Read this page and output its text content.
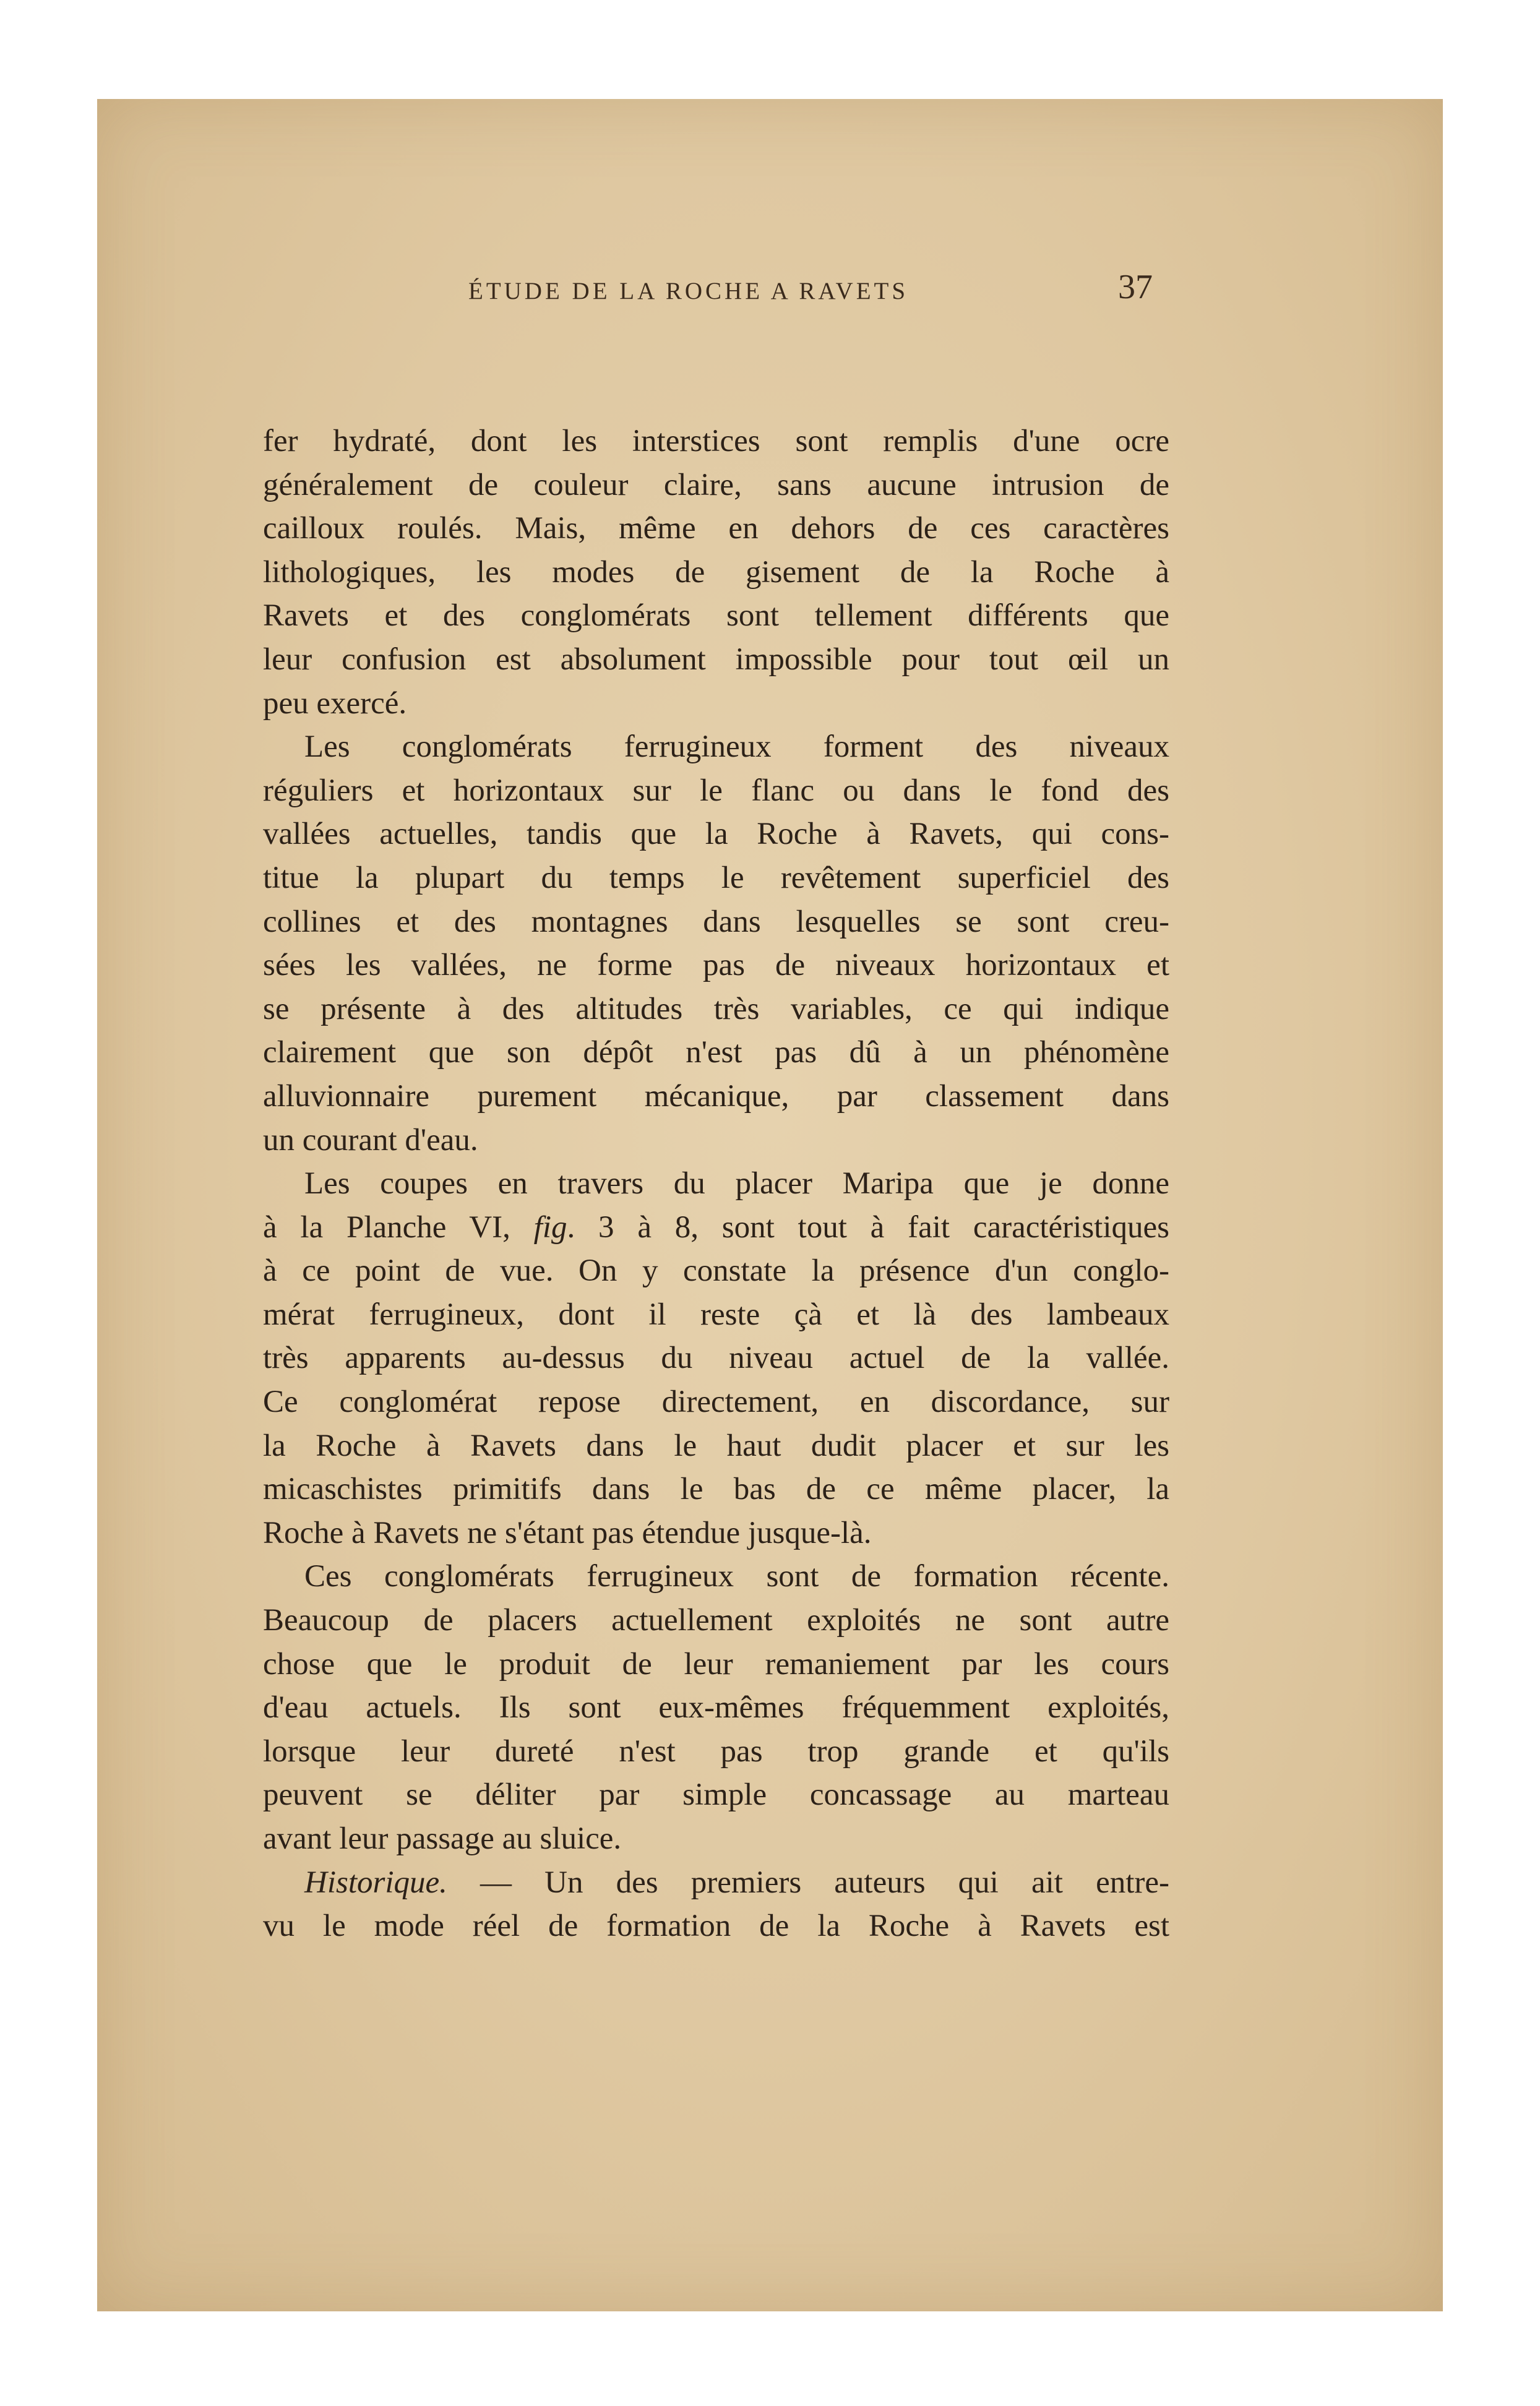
ÉTUDE DE LA ROCHE A RAVETS	37

fer hydraté, dont les interstices sont remplis d'une ocre

généralement de couleur claire, sans aucune intrusion de

cailloux roulés. Mais, même en dehors de ces caractères

lithologiques, les modes de gisement de la Roche à

Ravets et des conglomérats sont tellement différents que

leur confusion est absolument impossible pour tout œil un

peu exercé.

Les conglomérats ferrugineux forment des niveaux

réguliers et horizontaux sur le flanc ou dans le fond des

vallées actuelles, tandis que la Roche à Ravets, qui cons-

titue la plupart du temps le revêtement superficiel des

collines et des montagnes dans lesquelles se sont creu-

sées les vallées, ne forme pas de niveaux horizontaux et

se présente à des altitudes très variables, ce qui indique

clairement que son dépôt n'est pas dû à un phénomène

alluvionnaire purement mécanique, par classement dans

un courant d'eau.

Les coupes en travers du placer Maripa que je donne

à la Planche VI, fig. 3 à 8, sont tout à fait caractéristiques

à ce point de vue. On y constate la présence d'un conglo-

mérat ferrugineux, dont il reste çà et là des lambeaux

très apparents au-dessus du niveau actuel de la vallée.

Ce conglomérat repose directement, en discordance, sur

la Roche à Ravets dans le haut dudit placer et sur les

micaschistes primitifs dans le bas de ce même placer, la

Roche à Ravets ne s'étant pas étendue jusque-là.

Ces conglomérats ferrugineux sont de formation récente.

Beaucoup de placers actuellement exploités ne sont autre

chose que le produit de leur remaniement par les cours

d'eau actuels. Ils sont eux-mêmes fréquemment exploités,

lorsque leur dureté n'est pas trop grande et qu'ils

peuvent se déliter par simple concassage au marteau

avant leur passage au sluice.

Historique. — Un des premiers auteurs qui ait entre-

vu le mode réel de formation de la Roche à Ravets est
